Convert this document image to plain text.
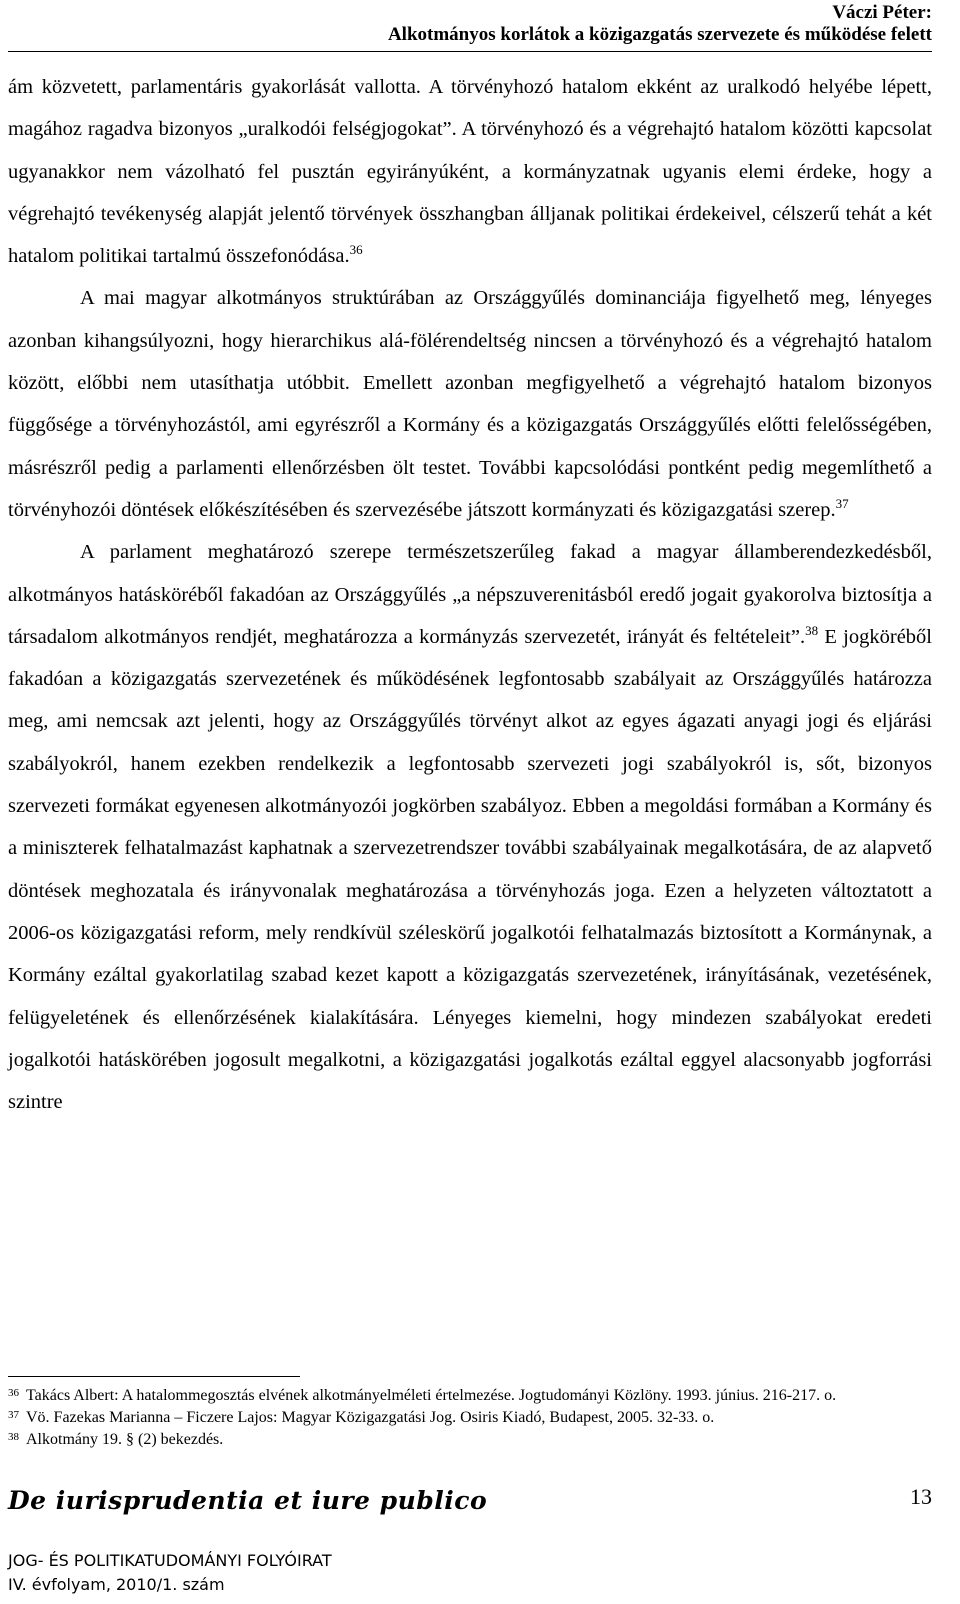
Váczi Péter:
Alkotmányos korlátok a közigazgatás szervezete és működése felett

ám közvetett, parlamentáris gyakorlását vallotta. A törvényhozó hatalom ekként az uralkodó helyébe lépett, magához ragadva bizonyos „uralkodói felségjogokat”. A törvényhozó és a végrehajtó hatalom közötti kapcsolat ugyanakkor nem vázolható fel pusztán egyirányúként, a kormányzatnak ugyanis elemi érdeke, hogy a végrehajtó tevékenység alapját jelentő törvények összhangban álljanak politikai érdekeivel, célszerű tehát a két hatalom politikai tartalmú összefonódása.$^{36}$

A mai magyar alkotmányos struktúrában az Országgyűlés dominanciája figyelhető meg, lényeges azonban kihangsúlyozni, hogy hierarchikus alá-fölérendeltség nincsen a törvényhozó és a végrehajtó hatalom között, előbbi nem utasíthatja utóbbit. Emellett azonban megfigyelhető a végrehajtó hatalom bizonyos függősége a törvényhozástól, ami egyrészről a Kormány és a közigazgatás Országgyűlés előtti felelősségében, másrészről pedig a parlamenti ellenőrzésben ölt testet. További kapcsolódási pontként pedig megemlíthető a törvényhozói döntések előkészítésében és szervezésébe játszott kormányzati és közigazgatási szerep.$^{37}$

A parlament meghatározó szerepe természetszerűleg fakad a magyar államberendezkedésből, alkotmányos hatásköréből fakadóan az Országgyűlés „a népszuverenitásból eredő jogait gyakorolva biztosítja a társadalom alkotmányos rendjét, meghatározza a kormányzás szervezetét, irányát és feltételeit”.$^{38}$ E jogköréből fakadóan a közigazgatás szervezetének és működésének legfontosabb szabályait az Országgyűlés határozza meg, ami nemcsak azt jelenti, hogy az Országgyűlés törvényt alkot az egyes ágazati anyagi jogi és eljárási szabályokról, hanem ezekben rendelkezik a legfontosabb szervezeti jogi szabályokról is, sőt, bizonyos szervezeti formákat egyenesen alkotmányozói jogkörben szabályoz. Ebben a megoldási formában a Kormány és a miniszterek felhatalmazást kaphatnak a szervezetrendszer további szabályainak megalkotására, de az alapvető döntések meghozatala és irányvonalak meghatározása a törvényhozás joga. Ezen a helyzeten változtatott a 2006-os közigazgatási reform, mely rendkívül széleskörű jogalkotói felhatalmazás biztosított a Kormánynak, a Kormány ezáltal gyakorlatilag szabad kezet kapott a közigazgatás szervezetének, irányításának, vezetésének, felügyeletének és ellenőrzésének kialakítására. Lényeges kiemelni, hogy mindezen szabályokat eredeti jogalkotói hatáskörében jogosult megalkotni, a közigazgatási jogalkotás ezáltal eggyel alacsonyabb jogforrási szintre

36 Takács Albert: A hatalommegosztás elvének alkotmányelméleti értelmezése. Jogtudományi Közlöny. 1993. június. 216-217. o.
37 Vö. Fazekas Marianna – Ficzere Lajos: Magyar Közigazgatási Jog. Osiris Kiadó, Budapest, 2005. 32-33. o.
38 Alkotmány 19. § (2) bekezdés.
De iurisprudentia et iure publico
JOG- ÉS POLITIKATUDOMÁNYI FOLYÓIRAT
IV. évfolyam, 2010/1. szám
13
